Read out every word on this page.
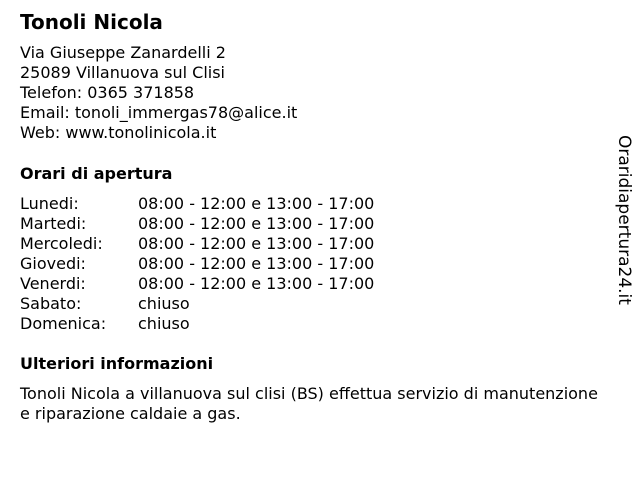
Tonoli Nicola
Via Giuseppe Zanardelli 2
25089 Villanuova sul Clisi
Telefon: 0365 371858
Email: tonoli_immergas78@alice.it
Web: www.tonolinicola.it
Orari di apertura
Lunedi:	08:00 - 12:00 e 13:00 - 17:00
Martedi:	08:00 - 12:00 e 13:00 - 17:00
Mercoledi: 08:00 - 12:00 e 13:00 - 17:00
Giovedi:	08:00 - 12:00 e 13:00 - 17:00
Venerdi:	08:00 - 12:00 e 13:00 - 17:00
Sabato:	chiuso
Domenica: chiuso
Ulteriori informazioni
Tonoli Nicola a villanuova sul clisi (BS) effettua servizio di manutenzione e riparazione caldaie a gas.
Oraridiapertura24.it
